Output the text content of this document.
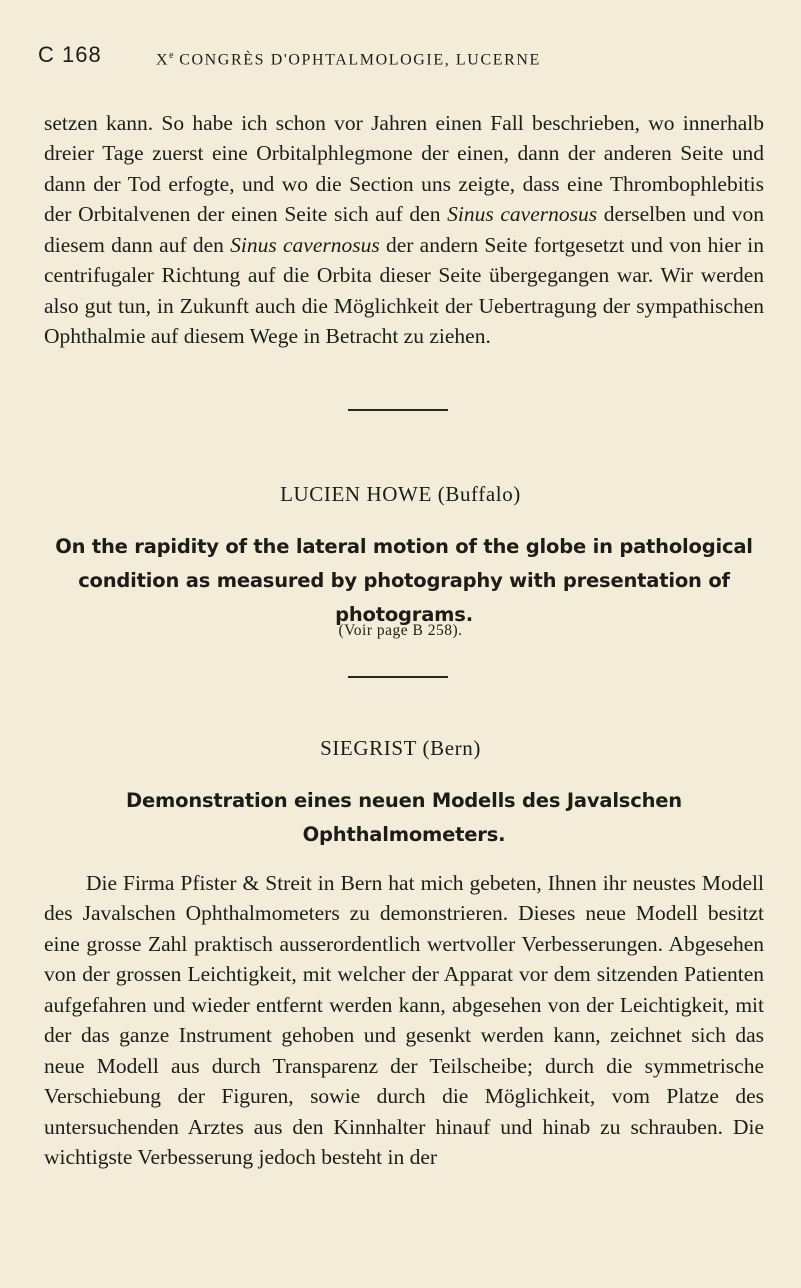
C 168	Xe CONGRÈS D'OPHTALMOLOGIE, LUCERNE

setzen kann. So habe ich schon vor Jahren einen Fall beschrieben, wo innerhalb dreier Tage zuerst eine Orbitalphlegmone der einen, dann der anderen Seite und dann der Tod erfogte, und wo die Section uns zeigte, dass eine Thrombophlebitis der Orbitalvenen der einen Seite sich auf den Sinus cavernosus derselben und von diesem dann auf den Sinus cavernosus der andern Seite fortgesetzt und von hier in centrifugaler Richtung auf die Orbita dieser Seite übergegangen war. Wir werden also gut tun, in Zukunft auch die Möglichkeit der Uebertragung der sympathischen Ophthalmie auf diesem Wege in Betracht zu ziehen.

LUCIEN HOWE (Buffalo)
On the rapidity of the lateral motion of the globe in pathological condition as measured by photography with presentation of photograms.
(Voir page B 258).
SIEGRIST (Bern)
Demonstration eines neuen Modells des Javalschen Ophthalmometers.

Die Firma Pfister & Streit in Bern hat mich gebeten, Ihnen ihr neustes Modell des Javalschen Ophthalmometers zu demonstrieren. Dieses neue Modell besitzt eine grosse Zahl praktisch ausserordentlich wertvoller Verbesserungen. Abgesehen von der grossen Leichtigkeit, mit welcher der Apparat vor dem sitzenden Patienten aufgefahren und wieder entfernt werden kann, abgesehen von der Leichtigkeit, mit der das ganze Instrument gehoben und gesenkt werden kann, zeichnet sich das neue Modell aus durch Transparenz der Teilscheibe; durch die symmetrische Verschiebung der Figuren, sowie durch die Möglichkeit, vom Platze des untersuchenden Arztes aus den Kinnhalter hinauf und hinab zu schrauben. Die wichtigste Verbesserung jedoch besteht in der
